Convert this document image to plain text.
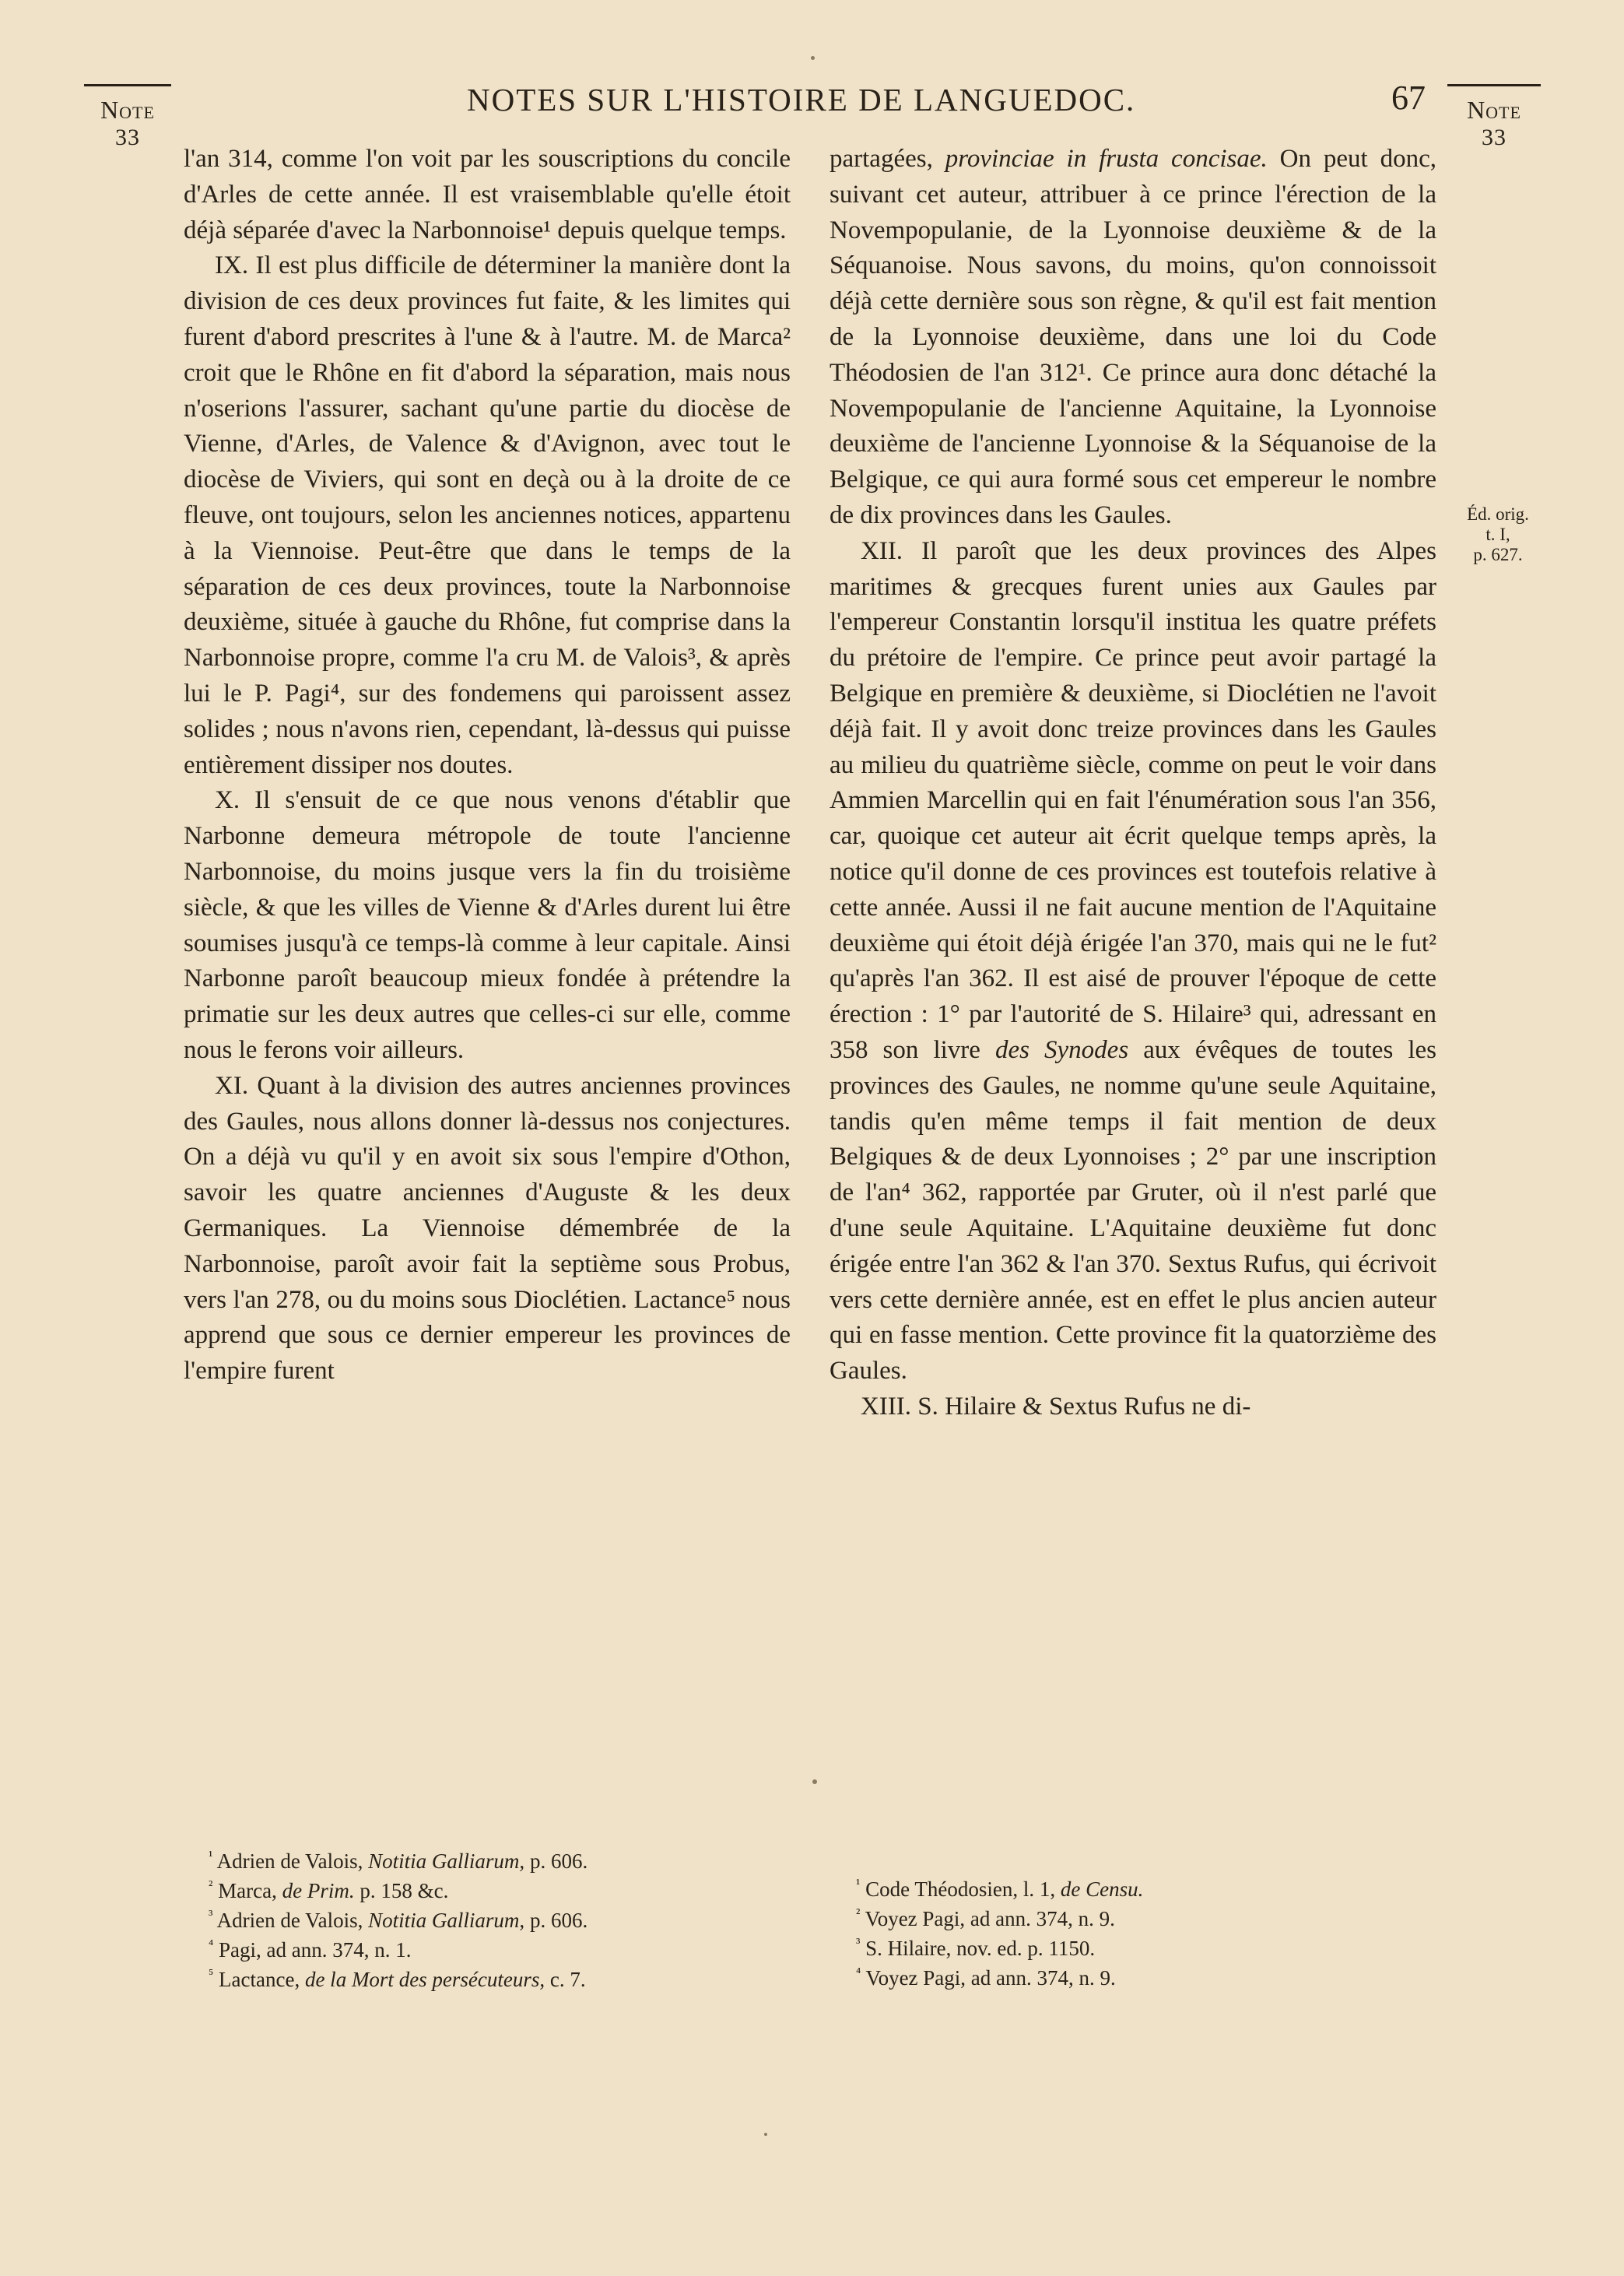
Note
33
NOTES SUR L'HISTOIRE DE LANGUEDOC.	67	Note
33
Éd. orig.
t. I,
p. 627.

l'an 314, comme l'on voit par les souscriptions du concile d'Arles de cette année. Il est vraisemblable qu'elle étoit déjà séparée d'avec la Narbonnoise¹ depuis quelque temps.

IX. Il est plus difficile de déterminer la manière dont la division de ces deux provinces fut faite, & les limites qui furent d'abord prescrites à l'une & à l'autre. M. de Marca² croit que le Rhône en fit d'abord la séparation, mais nous n'oserions l'assurer, sachant qu'une partie du diocèse de Vienne, d'Arles, de Valence & d'Avignon, avec tout le diocèse de Viviers, qui sont en deçà ou à la droite de ce fleuve, ont toujours, selon les anciennes notices, appartenu à la Viennoise. Peut-être que dans le temps de la séparation de ces deux provinces, toute la Narbonnoise deuxième, située à gauche du Rhône, fut comprise dans la Narbonnoise propre, comme l'a cru M. de Valois³, & après lui le P. Pagi⁴, sur des fondemens qui paroissent assez solides ; nous n'avons rien, cependant, là-dessus qui puisse entièrement dissiper nos doutes.

X. Il s'ensuit de ce que nous venons d'établir que Narbonne demeura métropole de toute l'ancienne Narbonnoise, du moins jusque vers la fin du troisième siècle, & que les villes de Vienne & d'Arles durent lui être soumises jusqu'à ce temps-là comme à leur capitale. Ainsi Narbonne paroît beaucoup mieux fondée à prétendre la primatie sur les deux autres que celles-ci sur elle, comme nous le ferons voir ailleurs.

XI. Quant à la division des autres anciennes provinces des Gaules, nous allons donner là-dessus nos conjectures. On a déjà vu qu'il y en avoit six sous l'empire d'Othon, savoir les quatre anciennes d'Auguste & les deux Germaniques. La Viennoise démembrée de la Narbonnoise, paroît avoir fait la septième sous Probus, vers l'an 278, ou du moins sous Dioclétien. Lactance⁵ nous apprend que sous ce dernier empereur les provinces de l'empire furent

partagées, provinciae in frusta concisae. On peut donc, suivant cet auteur, attribuer à ce prince l'érection de la Novempopulanie, de la Lyonnoise deuxième & de la Séquanoise. Nous savons, du moins, qu'on connoissoit déjà cette dernière sous son règne, & qu'il est fait mention de la Lyonnoise deuxième, dans une loi du Code Théodosien de l'an 312¹. Ce prince aura donc détaché la Novempopulanie de l'ancienne Aquitaine, la Lyonnoise deuxième de l'ancienne Lyonnoise & la Séquanoise de la Belgique, ce qui aura formé sous cet empereur le nombre de dix provinces dans les Gaules.

XII. Il paroît que les deux provinces des Alpes maritimes & grecques furent unies aux Gaules par l'empereur Constantin lorsqu'il institua les quatre préfets du prétoire de l'empire. Ce prince peut avoir partagé la Belgique en première & deuxième, si Dioclétien ne l'avoit déjà fait. Il y avoit donc treize provinces dans les Gaules au milieu du quatrième siècle, comme on peut le voir dans Ammien Marcellin qui en fait l'énumération sous l'an 356, car, quoique cet auteur ait écrit quelque temps après, la notice qu'il donne de ces provinces est toutefois relative à cette année. Aussi il ne fait aucune mention de l'Aquitaine deuxième qui étoit déjà érigée l'an 370, mais qui ne le fut² qu'après l'an 362. Il est aisé de prouver l'époque de cette érection : 1° par l'autorité de S. Hilaire³ qui, adressant en 358 son livre des Synodes aux évêques de toutes les provinces des Gaules, ne nomme qu'une seule Aquitaine, tandis qu'en même temps il fait mention de deux Belgiques & de deux Lyonnoises ; 2° par une inscription de l'an⁴ 362, rapportée par Gruter, où il n'est parlé que d'une seule Aquitaine. L'Aquitaine deuxième fut donc érigée entre l'an 362 & l'an 370. Sextus Rufus, qui écrivoit vers cette dernière année, est en effet le plus ancien auteur qui en fasse mention. Cette province fit la quatorzième des Gaules.

XIII. S. Hilaire & Sextus Rufus ne di-

$^{^1}$ Adrien de Valois, Notitia Galliarum, p. 606.
$^{^2}$ Marca, de Prim. p. 158 &c.
$^{^3}$ Adrien de Valois, Notitia Galliarum, p. 606.
$^{^4}$ Pagi, ad ann. 374, n. 1.
$^{^5}$ Lactance, de la Mort des persécuteurs, c. 7.
$^{^1}$ Code Théodosien, l. 1, de Censu.
$^{^2}$ Voyez Pagi, ad ann. 374, n. 9.
$^{^3}$ S. Hilaire, nov. ed. p. 1150.
$^{^4}$ Voyez Pagi, ad ann. 374, n. 9.
